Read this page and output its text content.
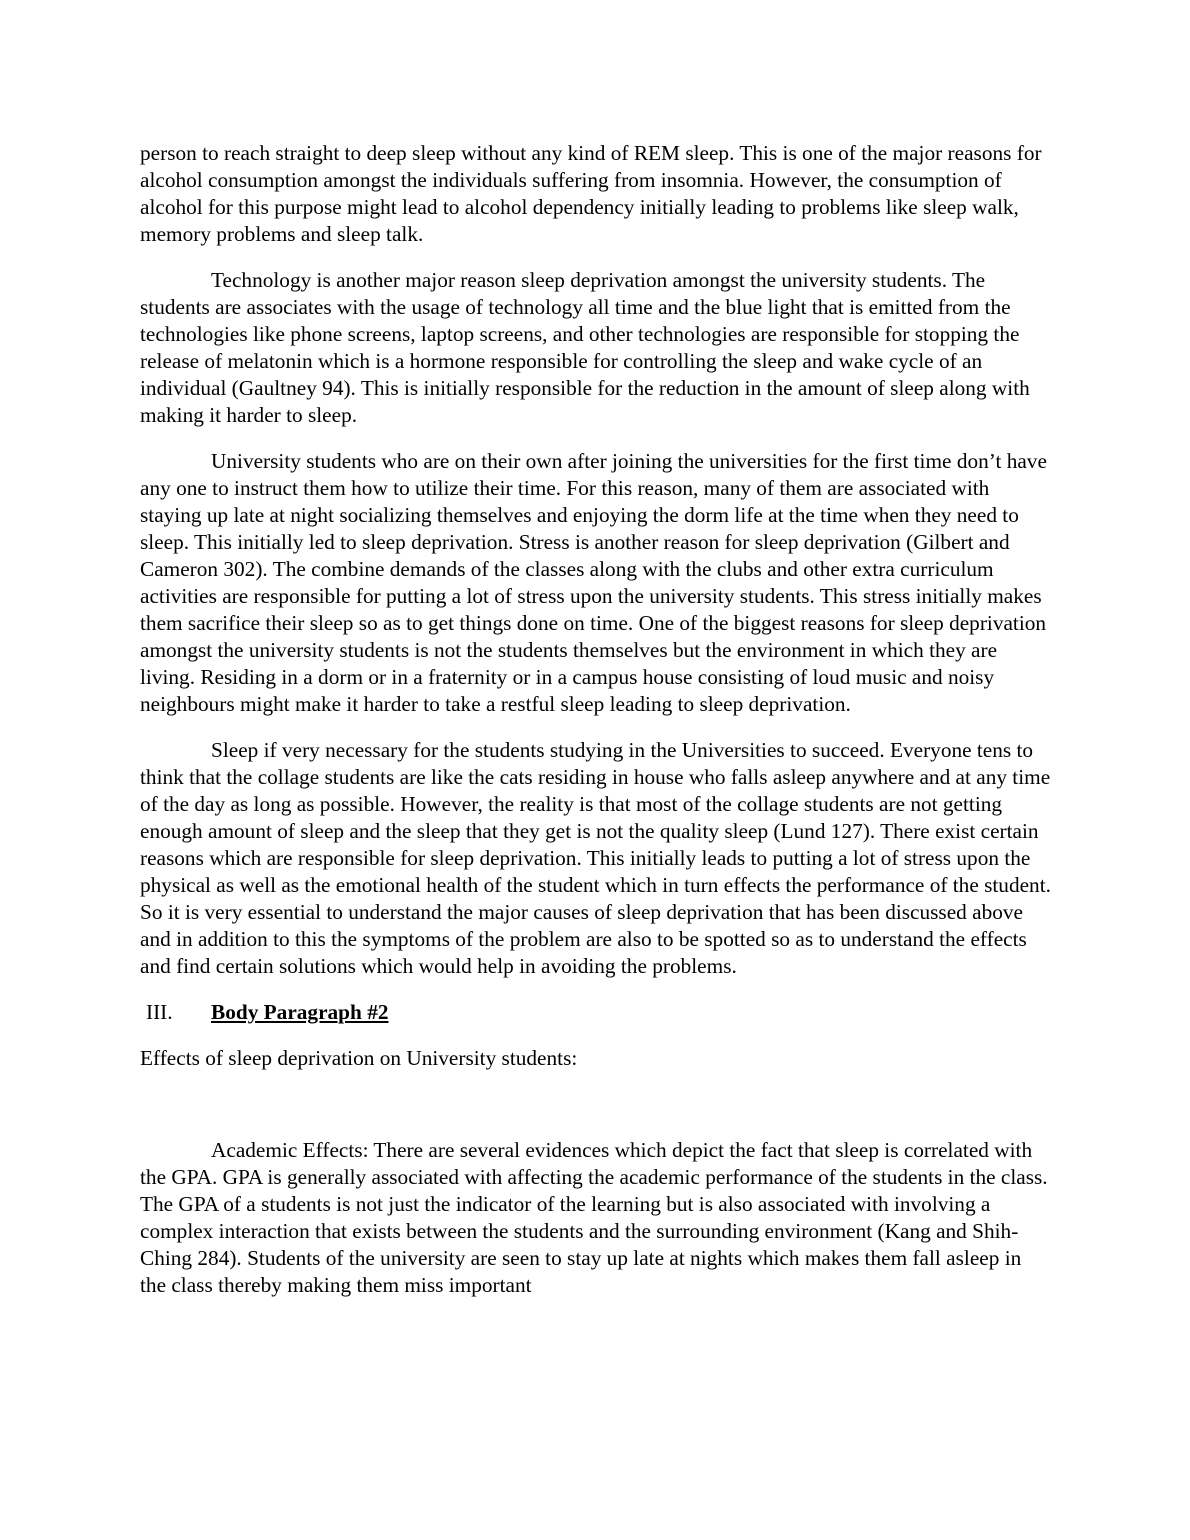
person to reach straight to deep sleep without any kind of REM sleep. This is one of the major reasons for alcohol consumption amongst the individuals suffering from insomnia. However, the consumption of alcohol for this purpose might lead to alcohol dependency initially leading to problems like sleep walk, memory problems and sleep talk.

Technology is another major reason sleep deprivation amongst the university students. The students are associates with the usage of technology all time and the blue light that is emitted from the technologies like phone screens, laptop screens, and other technologies are responsible for stopping the release of melatonin which is a hormone responsible for controlling the sleep and wake cycle of an individual (Gaultney 94). This is initially responsible for the reduction in the amount of sleep along with making it harder to sleep.

University students who are on their own after joining the universities for the first time don’t have any one to instruct them how to utilize their time. For this reason, many of them are associated with staying up late at night socializing themselves and enjoying the dorm life at the time when they need to sleep. This initially led to sleep deprivation. Stress is another reason for sleep deprivation (Gilbert and Cameron 302). The combine demands of the classes along with the clubs and other extra curriculum activities are responsible for putting a lot of stress upon the university students. This stress initially makes them sacrifice their sleep so as to get things done on time. One of the biggest reasons for sleep deprivation amongst the university students is not the students themselves but the environment in which they are living. Residing in a dorm or in a fraternity or in a campus house consisting of loud music and noisy neighbours might make it harder to take a restful sleep leading to sleep deprivation.

Sleep if very necessary for the students studying in the Universities to succeed. Everyone tens to think that the collage students are like the cats residing in house who falls asleep anywhere and at any time of the day as long as possible. However, the reality is that most of the collage students are not getting enough amount of sleep and the sleep that they get is not the quality sleep (Lund 127). There exist certain reasons which are responsible for sleep deprivation. This initially leads to putting a lot of stress upon the physical as well as the emotional health of the student which in turn effects the performance of the student. So it is very essential to understand the major causes of sleep deprivation that has been discussed above and in addition to this the symptoms of the problem are also to be spotted so as to understand the effects and find certain solutions which would help in avoiding the problems.

III. Body Paragraph #2

Effects of sleep deprivation on University students:

Academic Effects: There are several evidences which depict the fact that sleep is correlated with the GPA. GPA is generally associated with affecting the academic performance of the students in the class. The GPA of a students is not just the indicator of the learning but is also associated with involving a complex interaction that exists between the students and the surrounding environment (Kang and Shih-Ching 284). Students of the university are seen to stay up late at nights which makes them fall asleep in the class thereby making them miss important
